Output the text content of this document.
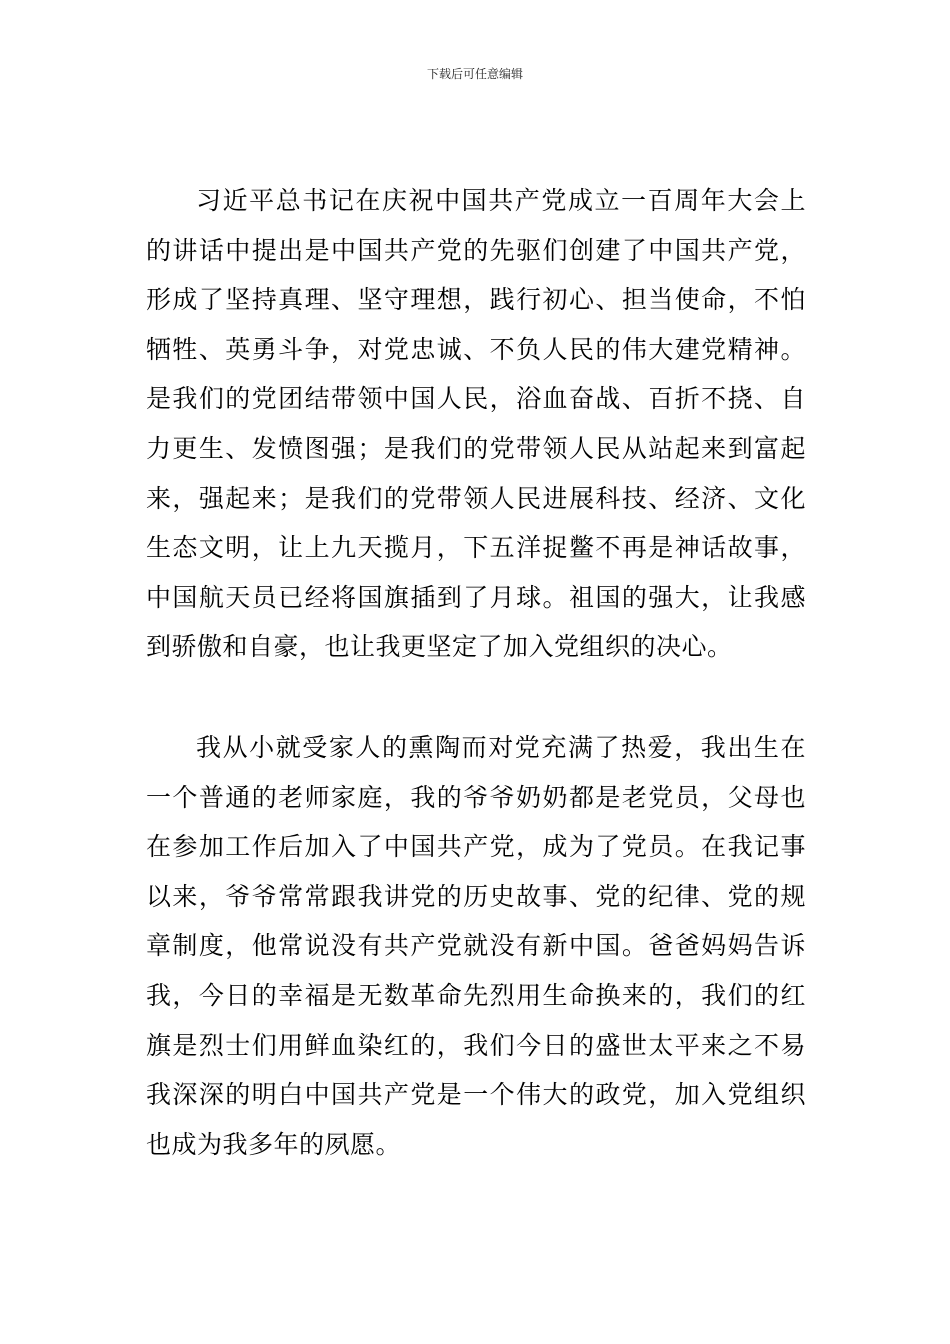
下载后可任意编辑

习近平总书记在庆祝中国共产党成立一百周年大会上的讲话中提出是中国共产党的先驱们创建了中国共产党，形成了坚持真理、坚守理想，践行初心、担当使命，不怕牺牲、英勇斗争，对党忠诚、不负人民的伟大建党精神。是我们的党团结带领中国人民，浴血奋战、百折不挠、自力更生、发愤图强；是我们的党带领人民从站起来到富起来，强起来；是我们的党带领人民进展科技、经济、文化生态文明，让上九天揽月，下五洋捉鳖不再是神话故事，中国航天员已经将国旗插到了月球。祖国的强大，让我感到骄傲和自豪，也让我更坚定了加入党组织的决心。

我从小就受家人的熏陶而对党充满了热爱，我出生在一个普通的老师家庭，我的爷爷奶奶都是老党员，父母也在参加工作后加入了中国共产党，成为了党员。在我记事以来，爷爷常常跟我讲党的历史故事、党的纪律、党的规章制度，他常说没有共产党就没有新中国。爸爸妈妈告诉我，今日的幸福是无数革命先烈用生命换来的，我们的红旗是烈士们用鲜血染红的，我们今日的盛世太平来之不易我深深的明白中国共产党是一个伟大的政党，加入党组织也成为我多年的夙愿。
